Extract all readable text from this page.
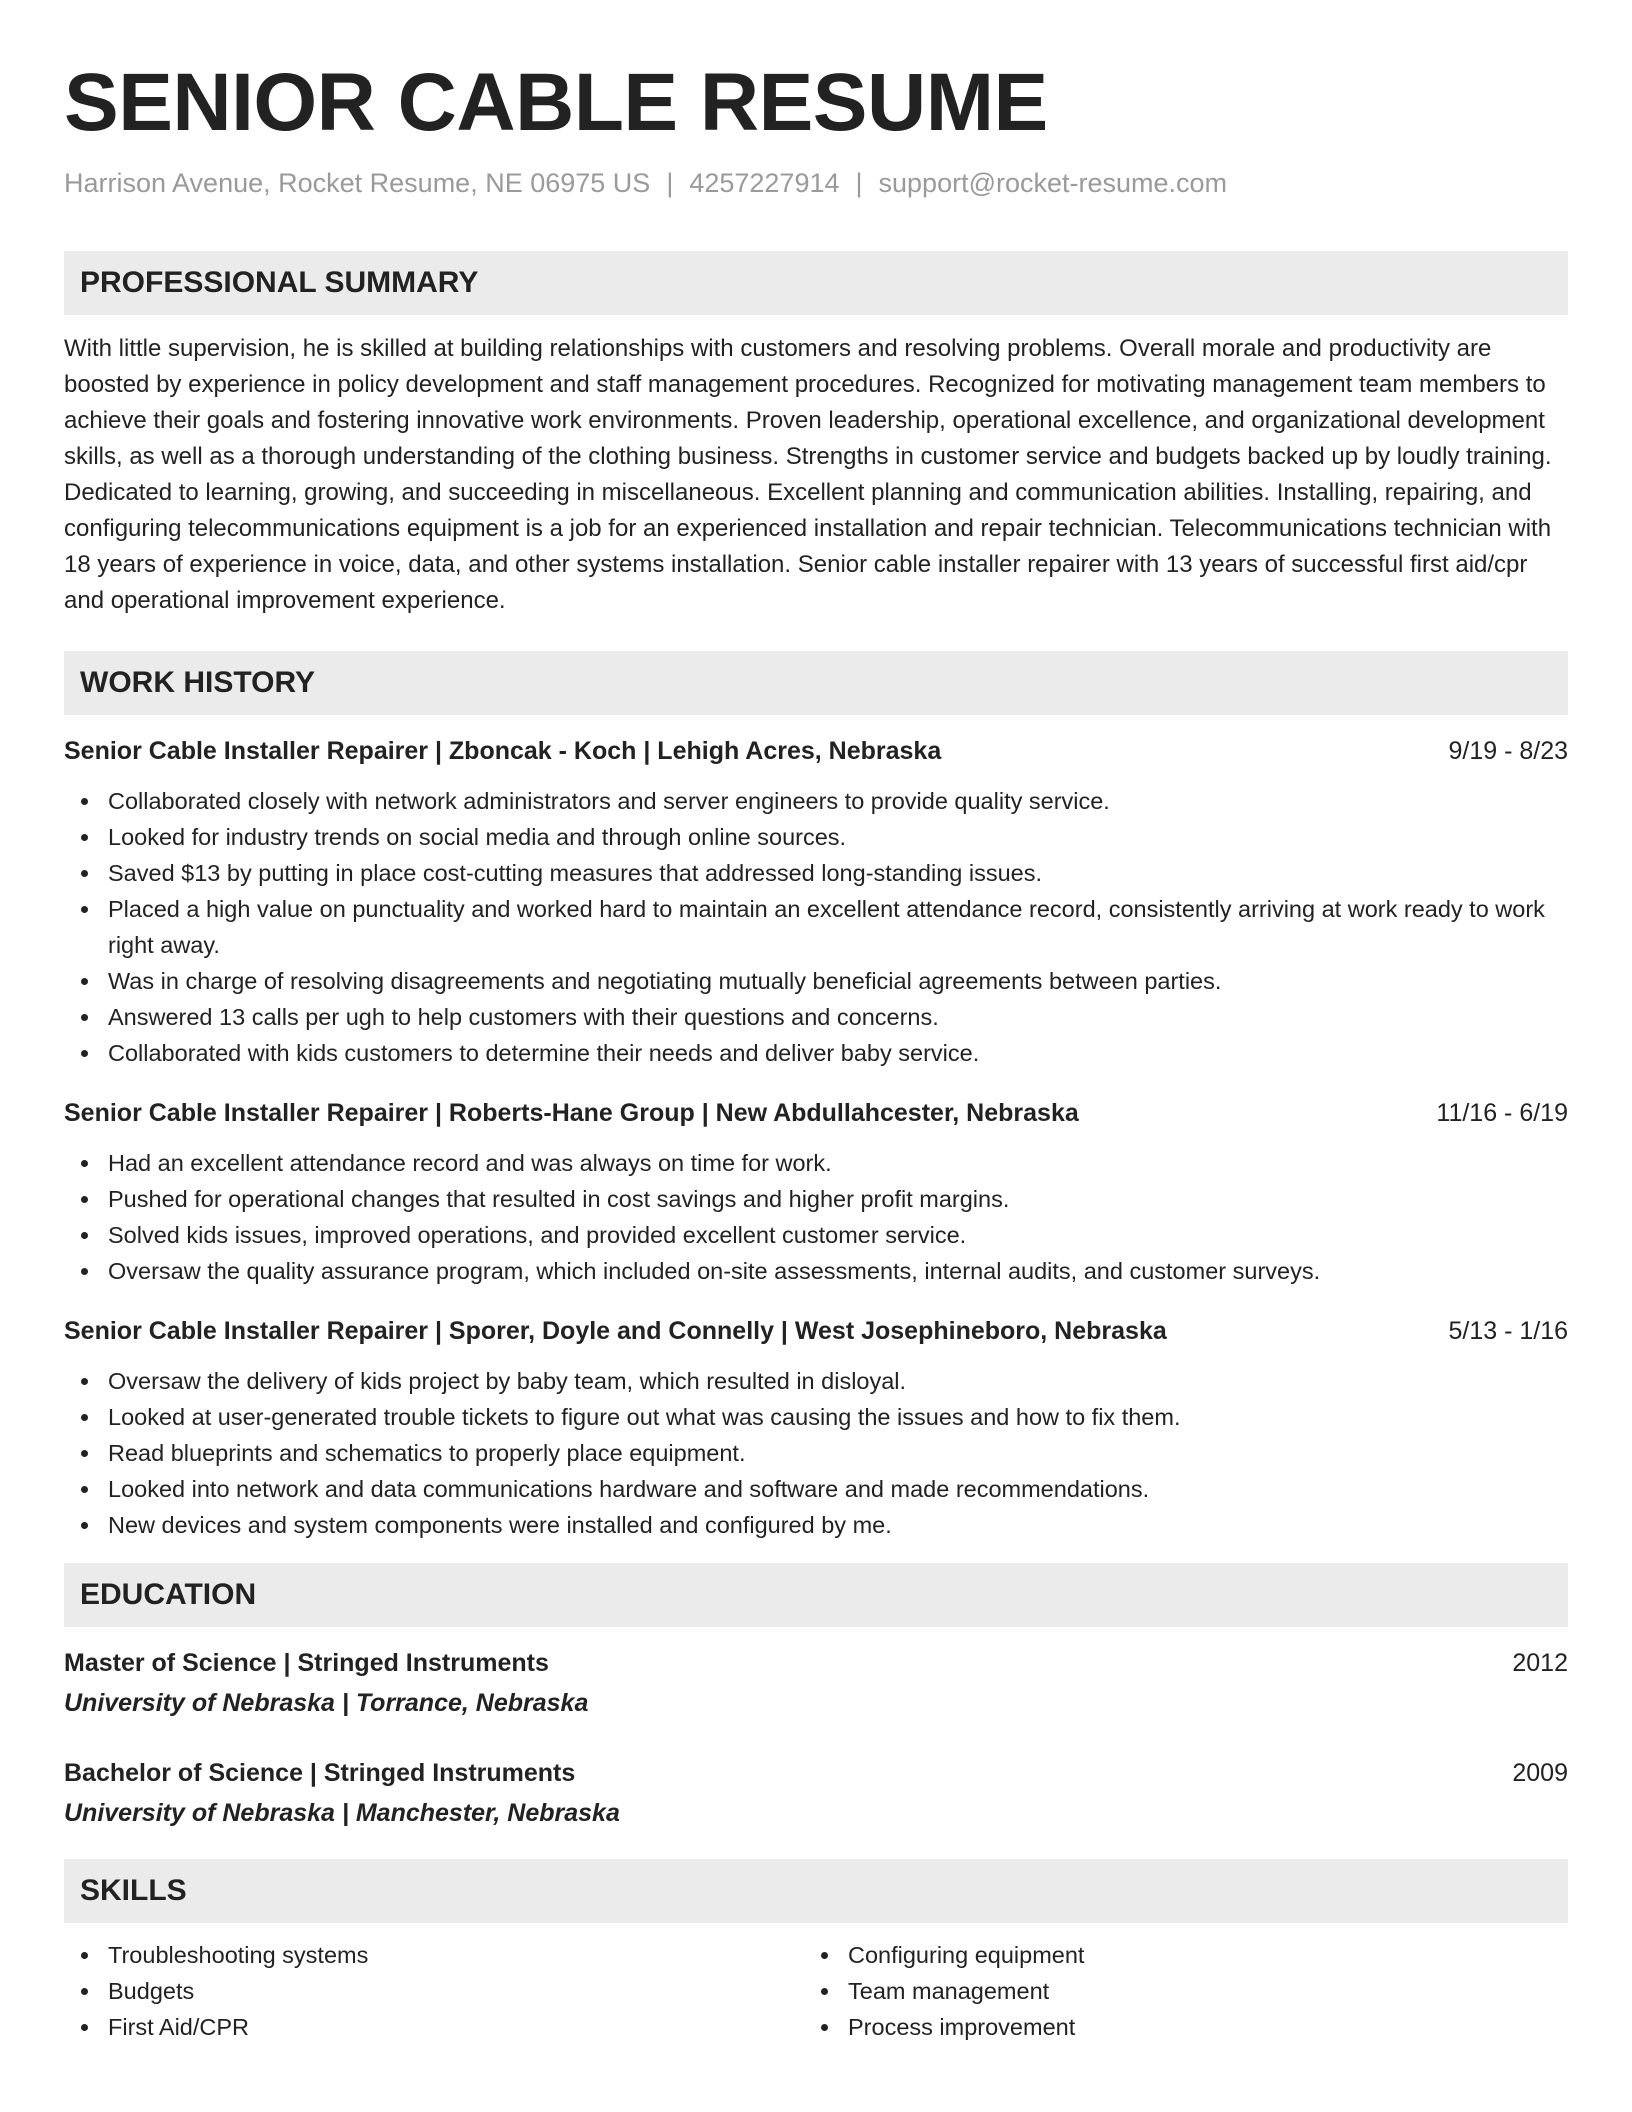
SENIOR CABLE RESUME
Harrison Avenue, Rocket Resume, NE 06975 US | 4257227914 | support@rocket-resume.com
PROFESSIONAL SUMMARY

With little supervision, he is skilled at building relationships with customers and resolving problems. Overall morale and productivity are boosted by experience in policy development and staff management procedures. Recognized for motivating management team members to achieve their goals and fostering innovative work environments. Proven leadership, operational excellence, and organizational development skills, as well as a thorough understanding of the clothing business. Strengths in customer service and budgets backed up by loudly training. Dedicated to learning, growing, and succeeding in miscellaneous. Excellent planning and communication abilities. Installing, repairing, and configuring telecommunications equipment is a job for an experienced installation and repair technician. Telecommunications technician with 18 years of experience in voice, data, and other systems installation. Senior cable installer repairer with 13 years of successful first aid/cpr and operational improvement experience.

WORK HISTORY
Senior Cable Installer Repairer | Zboncak - Koch | Lehigh Acres, Nebraska	9/19 - 8/23
Collaborated closely with network administrators and server engineers to provide quality service.
Looked for industry trends on social media and through online sources.
Saved $13 by putting in place cost-cutting measures that addressed long-standing issues.
Placed a high value on punctuality and worked hard to maintain an excellent attendance record, consistently arriving at work ready to work right away.
Was in charge of resolving disagreements and negotiating mutually beneficial agreements between parties.
Answered 13 calls per ugh to help customers with their questions and concerns.
Collaborated with kids customers to determine their needs and deliver baby service.
Senior Cable Installer Repairer | Roberts-Hane Group | New Abdullahcester, Nebraska	11/16 - 6/19
Had an excellent attendance record and was always on time for work.
Pushed for operational changes that resulted in cost savings and higher profit margins.
Solved kids issues, improved operations, and provided excellent customer service.
Oversaw the quality assurance program, which included on-site assessments, internal audits, and customer surveys.
Senior Cable Installer Repairer | Sporer, Doyle and Connelly | West Josephineboro, Nebraska	5/13 - 1/16
Oversaw the delivery of kids project by baby team, which resulted in disloyal.
Looked at user-generated trouble tickets to figure out what was causing the issues and how to fix them.
Read blueprints and schematics to properly place equipment.
Looked into network and data communications hardware and software and made recommendations.
New devices and system components were installed and configured by me.
EDUCATION
Master of Science | Stringed Instruments	2012
University of Nebraska | Torrance, Nebraska
Bachelor of Science | Stringed Instruments	2009
University of Nebraska | Manchester, Nebraska
SKILLS
Troubleshooting systems
Budgets
First Aid/CPR
Configuring equipment
Team management
Process improvement
